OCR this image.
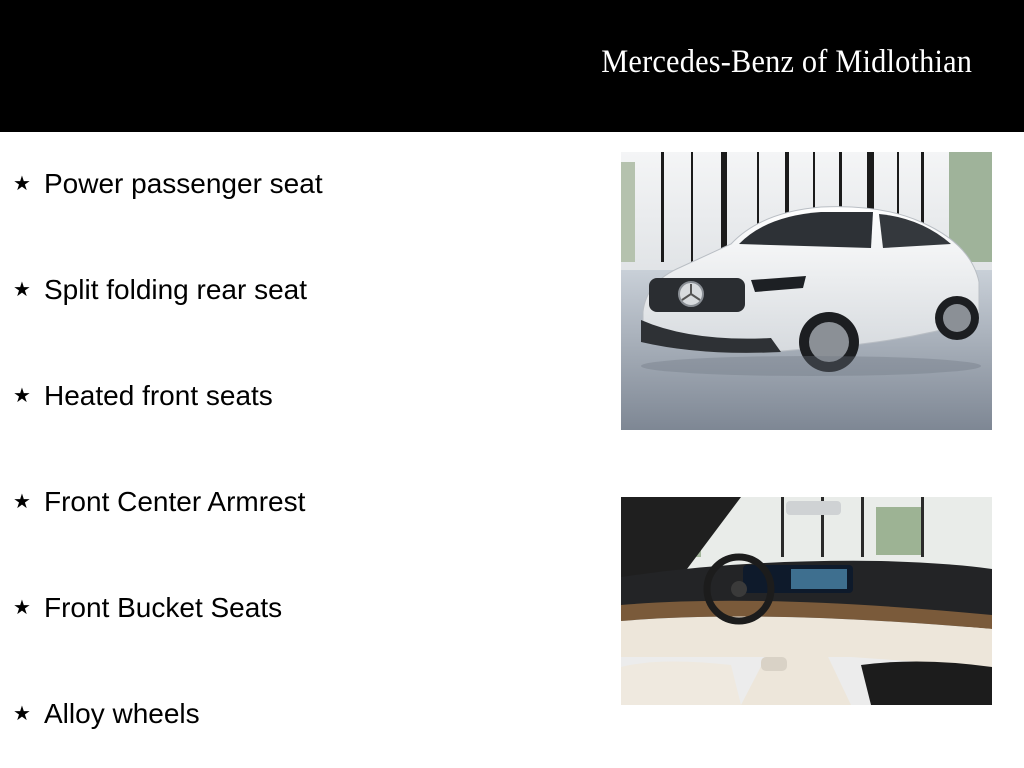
Mercedes-Benz of Midlothian
★ Power passenger seat
★ Split folding rear seat
★ Heated front seats
★ Front Center Armrest
★ Front Bucket Seats
★ Alloy wheels
